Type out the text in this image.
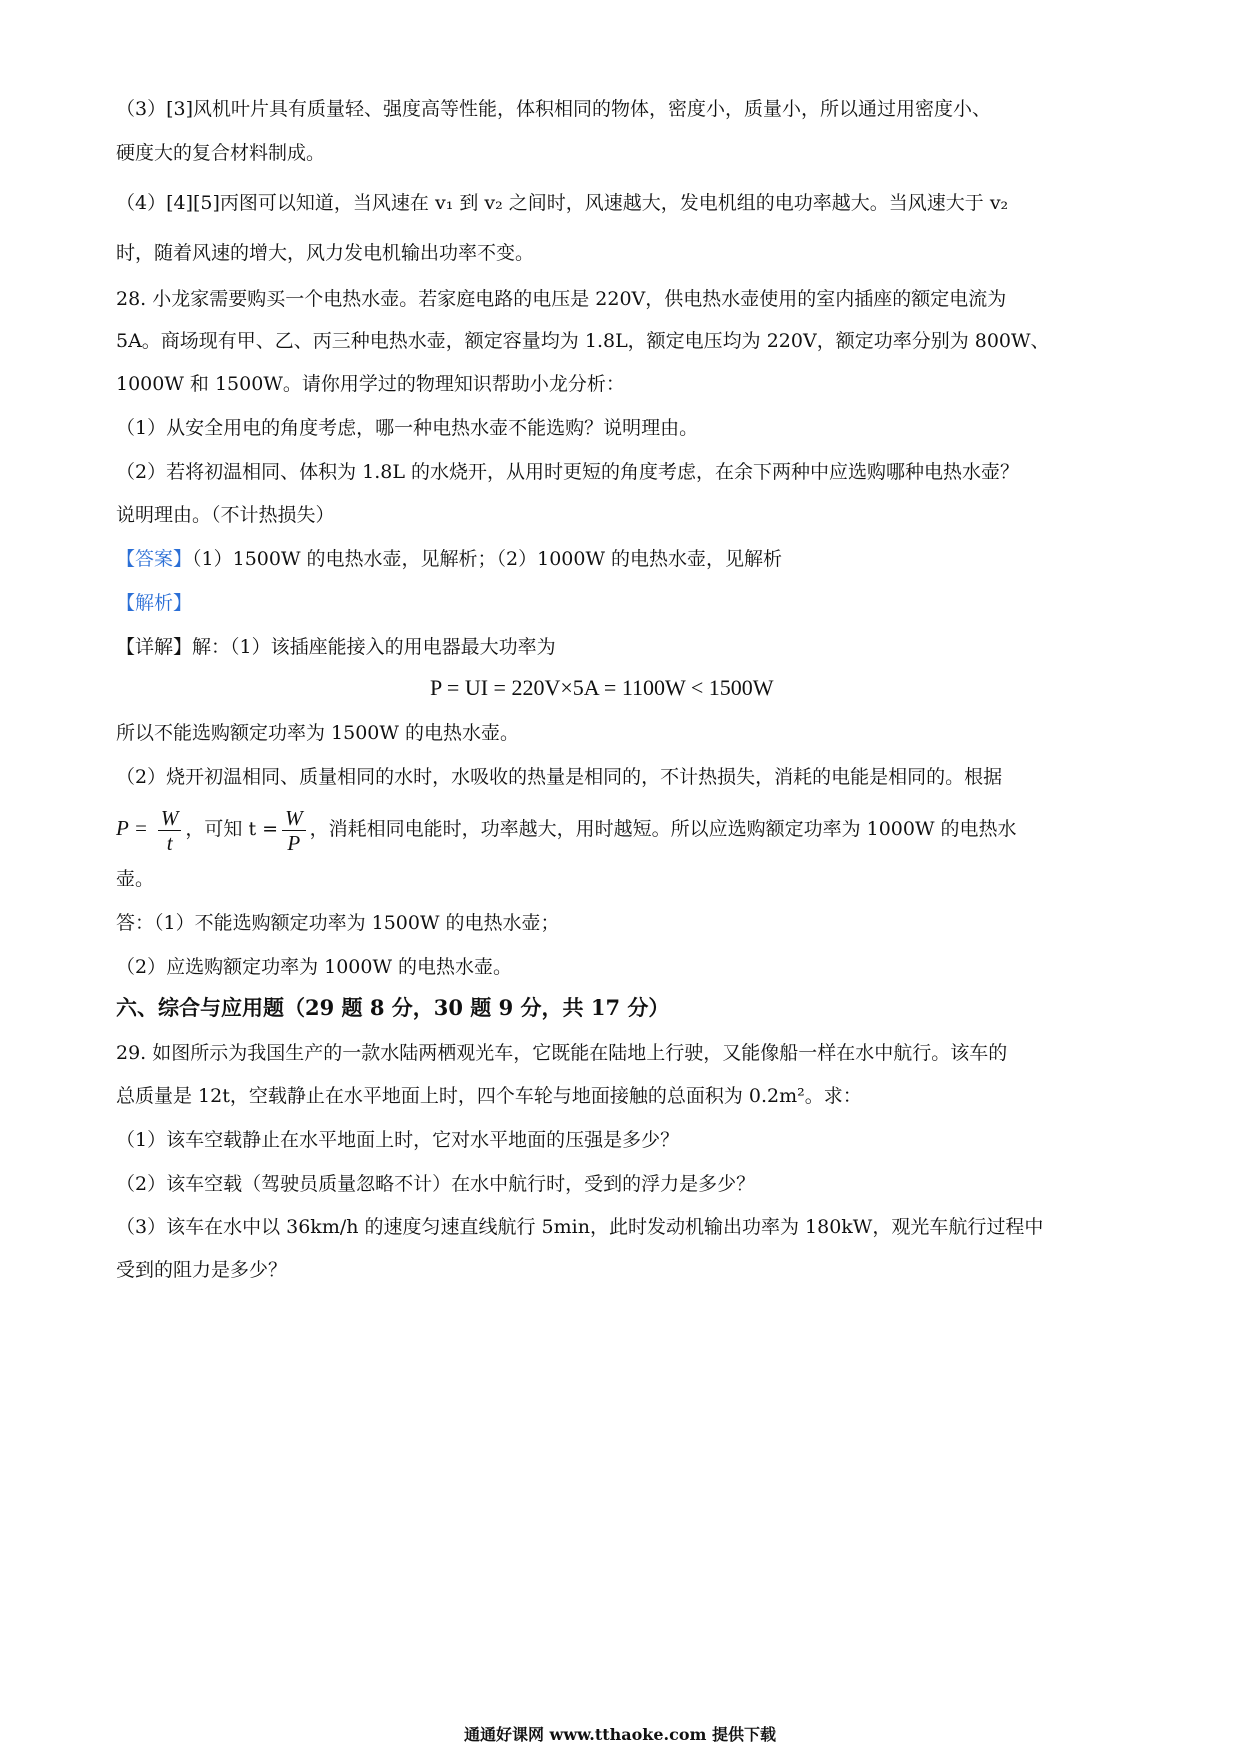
（3）[3]风机叶片具有质量轻、强度高等性能，体积相同的物体，密度小，质量小，所以通过用密度小、
硬度大的复合材料制成。
（4）[4][5]丙图可以知道，当风速在 v₁ 到 v₂ 之间时，风速越大，发电机组的电功率越大。当风速大于 v₂
时，随着风速的增大，风力发电机输出功率不变。
28. 小龙家需要购买一个电热水壶。若家庭电路的电压是 220V，供电热水壶使用的室内插座的额定电流为
5A。商场现有甲、乙、丙三种电热水壶，额定容量均为 1.8L，额定电压均为 220V，额定功率分别为 800W、
1000W 和 1500W。请你用学过的物理知识帮助小龙分析：
（1）从安全用电的角度考虑，哪一种电热水壶不能选购？说明理由。
（2）若将初温相同、体积为 1.8L 的水烧开，从用时更短的角度考虑，在余下两种中应选购哪种电热水壶？
说明理由。（不计热损失）
【答案】（1）1500W 的电热水壶，见解析；（2）1000W 的电热水壶，见解析
【解析】
【详解】解：（1）该插座能接入的用电器最大功率为
P = UI = 220V×5A = 1100W < 1500W
所以不能选购额定功率为 1500W 的电热水壶。
（2）烧开初温相同、质量相同的水时，水吸收的热量是相同的，不计热损失，消耗的电能是相同的。根据
$P = \frac{W}{t}$ ，可知 $t = \frac{W}{P}$ ，消耗相同电能时，功率越大，用时越短。所以应选购额定功率为 1000W 的电热水
壶。
答：（1）不能选购额定功率为 1500W 的电热水壶；
（2）应选购额定功率为 1000W 的电热水壶。
六、综合与应用题（29 题 8 分，30 题 9 分，共 17 分）
29. 如图所示为我国生产的一款水陆两栖观光车，它既能在陆地上行驶，又能像船一样在水中航行。该车的
总质量是 12t，空载静止在水平地面上时，四个车轮与地面接触的总面积为 0.2m²。求：
（1）该车空载静止在水平地面上时，它对水平地面的压强是多少？
（2）该车空载（驾驶员质量忽略不计）在水中航行时，受到的浮力是多少？
（3）该车在水中以 36km/h 的速度匀速直线航行 5min，此时发动机输出功率为 180kW，观光车航行过程中
受到的阻力是多少？
通通好课网 www.tthaoke.com 提供下载
